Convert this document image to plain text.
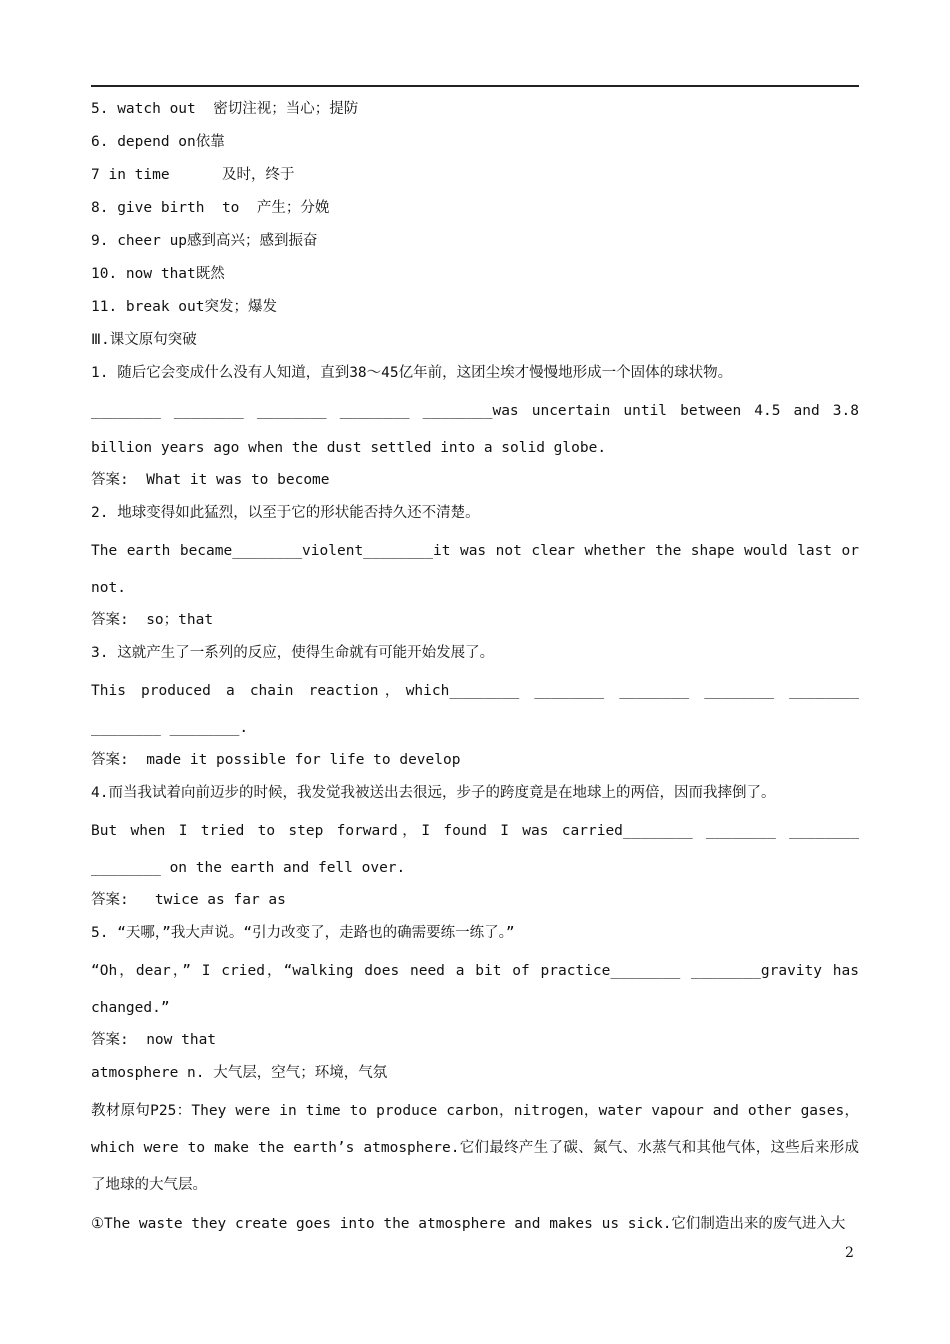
5. watch out  密切注视；当心；提防
6. depend on依靠
7 in time      及时，终于
8. give birth  to  产生；分娩
9. cheer up感到高兴；感到振奋
10. now that既然
11. break out突发；爆发
Ⅲ.课文原句突破
1. 随后它会变成什么没有人知道，直到38～45亿年前，这团尘埃才慢慢地形成一个固体的球状物。
________ ________ ________ ________ ________was uncertain until between 4.5 and 3.8 billion years ago when the dust settled into a solid globe.
答案:  What it was to become
2. 地球变得如此猛烈，以至于它的形状能否持久还不清楚。
The earth became________violent________it was not clear whether the shape would last or not.
答案:  so；that
3. 这就产生了一系列的反应，使得生命就有可能开始发展了。
This produced a chain reaction，which________ ________ ________ ________ ________ ________ ________.
答案:  made it possible for life to develop
4.而当我试着向前迈步的时候，我发觉我被送出去很远，步子的跨度竟是在地球上的两倍，因而我摔倒了。
But when I tried to step forward，I found I was carried________ ________ ________ ________ on the earth and fell over.
答案:   twice as far as
5. “天哪，”我大声说。“引力改变了，走路也的确需要练一练了。”
“Oh，dear，” I cried，“walking does need a bit of practice________ ________gravity has changed.”
答案:  now that
atmosphere n. 大气层，空气；环境，气氛
教材原句P25：They were in time to produce carbon，nitrogen，water vapour and other gases，which were to make the earth’s atmosphere.它们最终产生了碳、氮气、水蒸气和其他气体，这些后来形成了地球的大气层。
①The waste they create goes into the atmosphere and makes us sick.它们制造出来的废气进入大
2
